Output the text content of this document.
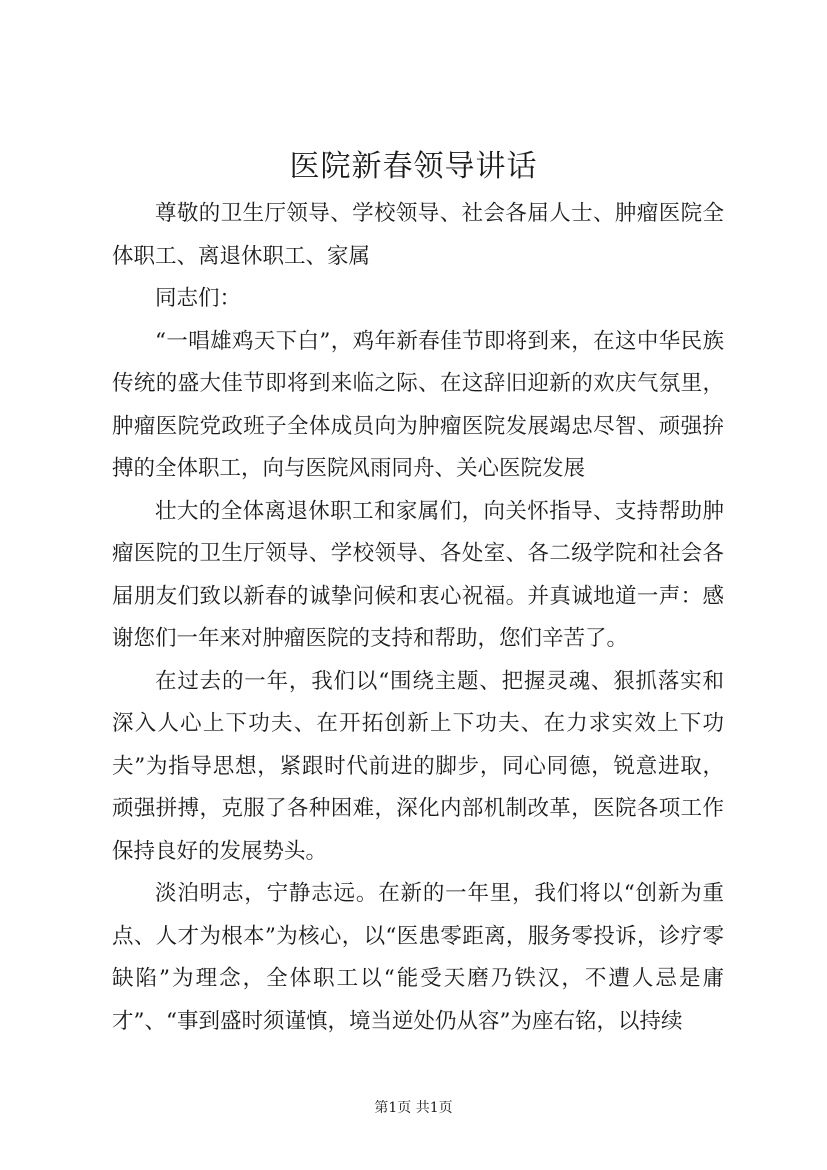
医院新春领导讲话

尊敬的卫生厅领导、学校领导、社会各届人士、肿瘤医院全体职工、离退休职工、家属

同志们：

“一唱雄鸡天下白”，鸡年新春佳节即将到来，在这中华民族传统的盛大佳节即将到来临之际、在这辞旧迎新的欢庆气氛里，肿瘤医院党政班子全体成员向为肿瘤医院发展竭忠尽智、顽强拚搏的全体职工，向与医院风雨同舟、关心医院发展

壮大的全体离退休职工和家属们，向关怀指导、支持帮助肿瘤医院的卫生厅领导、学校领导、各处室、各二级学院和社会各届朋友们致以新春的诚挚问候和衷心祝福。并真诚地道一声：感谢您们一年来对肿瘤医院的支持和帮助，您们辛苦了。

在过去的一年，我们以“围绕主题、把握灵魂、狠抓落实和深入人心上下功夫、在开拓创新上下功夫、在力求实效上下功夫”为指导思想，紧跟时代前进的脚步，同心同德，锐意进取，顽强拼搏，克服了各种困难，深化内部机制改革，医院各项工作保持良好的发展势头。

淡泊明志，宁静志远。在新的一年里，我们将以“创新为重点、人才为根本”为核心，以“医患零距离，服务零投诉，诊疗零缺陷”为理念，全体职工以“能受天磨乃铁汉，不遭人忌是庸才”、“事到盛时须谨慎，境当逆处仍从容”为座右铭，以持续

第1页 共1页
